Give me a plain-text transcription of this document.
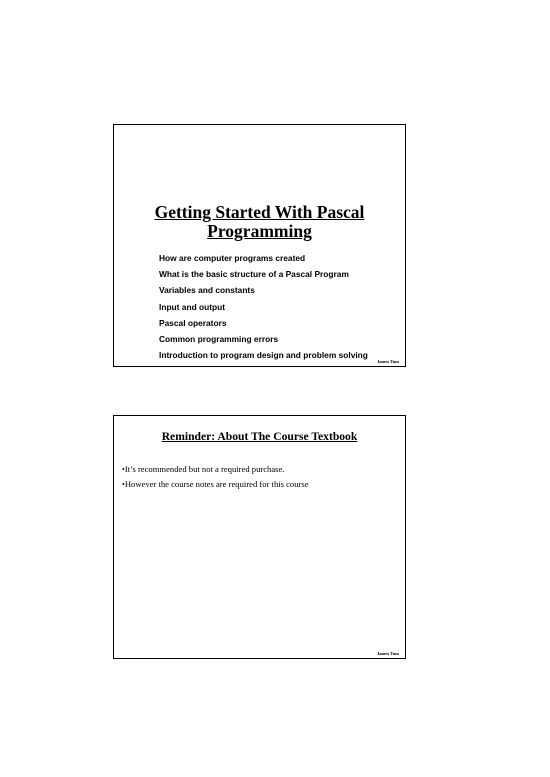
Getting Started With Pascal
Programming
How are computer programs created
What is the basic structure of a Pascal Program
Variables and constants
Input and output
Pascal operators
Common programming errors
Introduction to program design and problem solving
James Tam
Reminder: About The Course Textbook
•It’s recommended but not a required purchase.
•However the course notes are required for this course
James Tam
